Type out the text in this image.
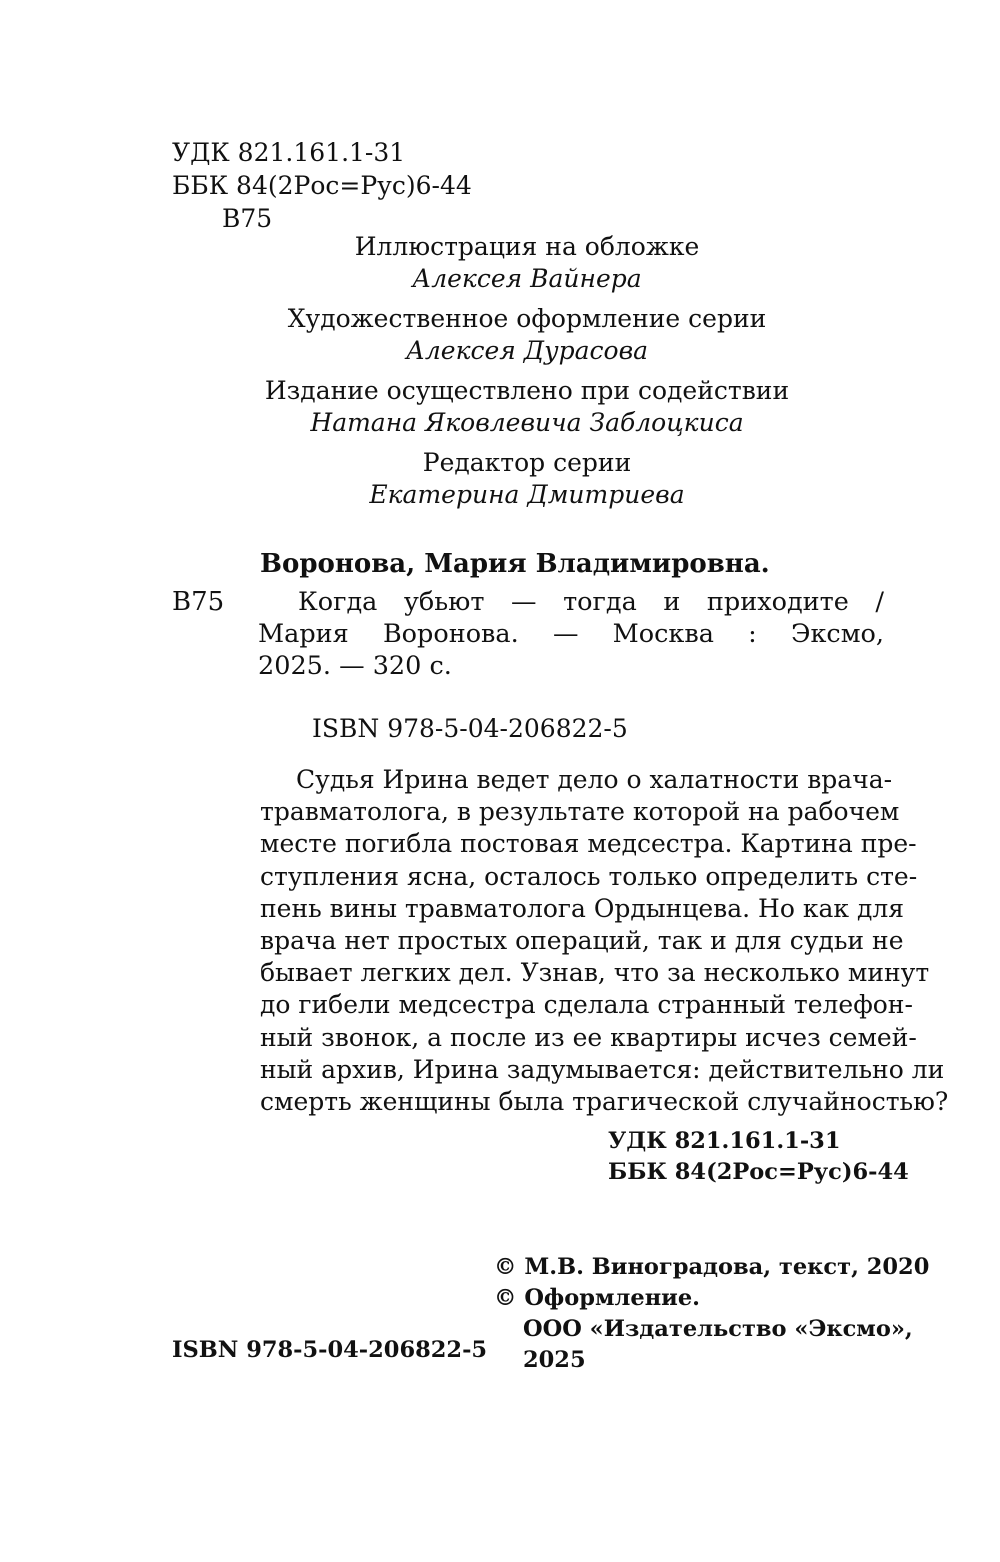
УДК 821.161.1-31
ББК 84(2Рос=Рус)6-44
В75
Иллюстрация на обложке
Алексея Вайнера
Художественное оформление серии
Алексея Дурасова
Издание осуществлено при содействии
Натана Яковлевича Заблоцкиса
Редактор серии
Екатерина Дмитриева
Воронова, Мария Владимировна.
В75	Когда убьют — тогда и приходите /
Мария Воронова. — Москва : Эксмо,
2025. — 320 с.
ISBN 978-5-04-206822-5
Судья Ирина ведет дело о халатности врача-
травматолога, в результате которой на рабочем
месте погибла постовая медсестра. Картина пре-
ступления ясна, осталось только определить сте-
пень вины травматолога Ордынцева. Но как для
врача нет простых операций, так и для судьи не
бывает легких дел. Узнав, что за несколько минут
до гибели медсестра сделала странный телефон-
ный звонок, а после из ее квартиры исчез семей-
ный архив, Ирина задумывается: действительно ли
смерть женщины была трагической случайностью?
УДК 821.161.1-31
ББК 84(2Рос=Рус)6-44
© М.В. Виноградова, текст, 2020
© Оформление.
ООО «Издательство «Эксмо»,
2025
ISBN 978-5-04-206822-5
